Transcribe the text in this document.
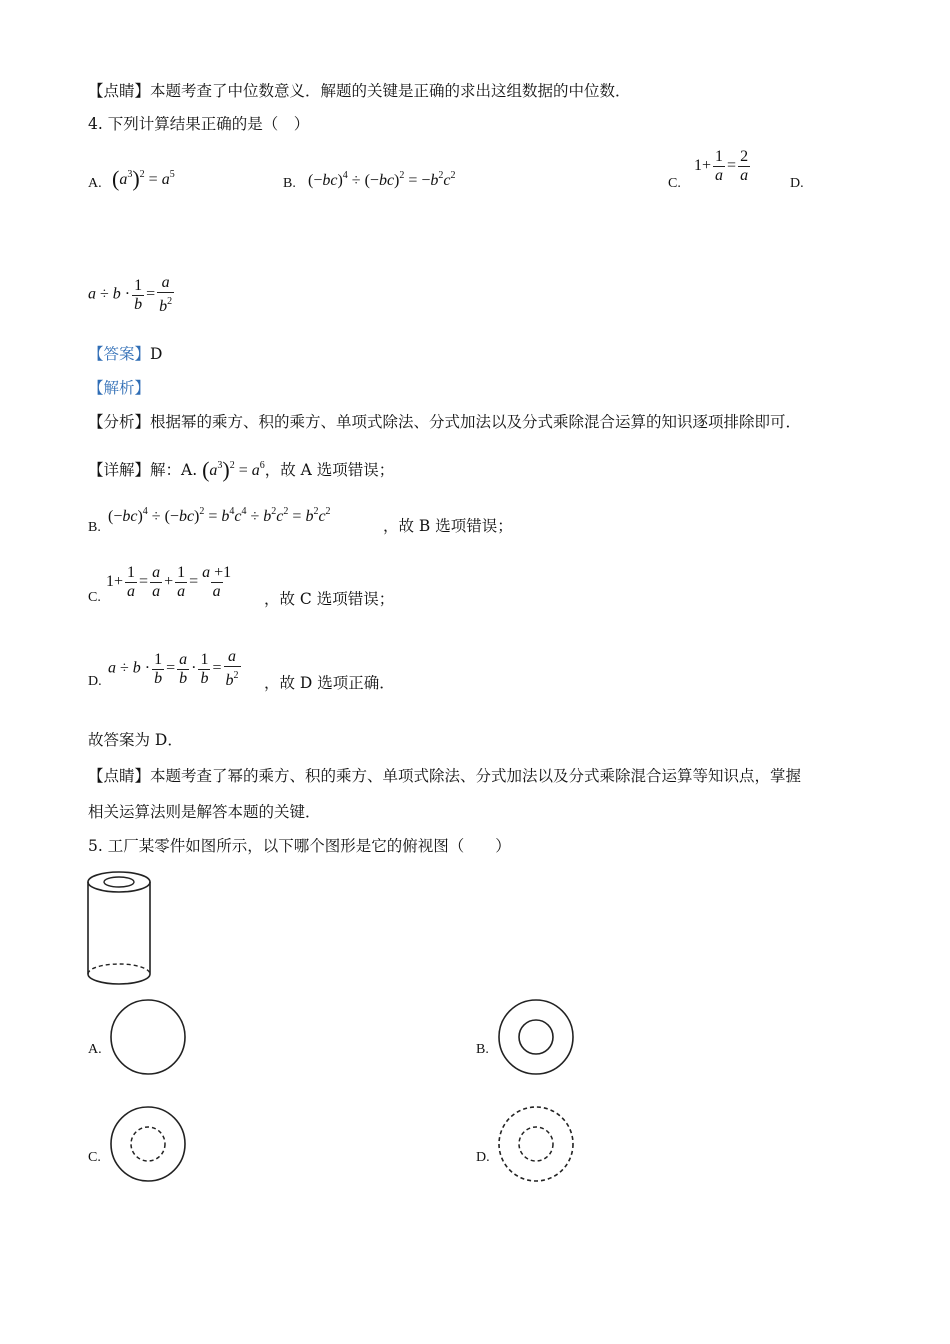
【点睛】本题考查了中位数意义．解题的关键是正确的求出这组数据的中位数．
4. 下列计算结果正确的是（　）
A. $(a^3)^2 = a^5$
B. $(-bc)^4 \div (-bc)^2 = -b^2c^2$
C.
$1+ \frac{1}{a} = \frac{2}{a}$	D.
$a \div b \cdot \frac{1}{b} = \frac{a}{b^2}$
【答案】D
【解析】
【分析】根据幂的乘方、积的乘方、单项式除法、分式加法以及分式乘除混合运算的知识逐项排除即可．
【详解】解：A. $(a^3)^2 = a^6$，故 A 选项错误；
B.
$(-bc)^4 \div (-bc)^2 = b^4c^4 \div b^2c^2 = b^2c^2$
，故 B 选项错误；
C.
$1+ \frac{1}{a} = \frac{a}{a} + \frac{1}{a} = \frac{a +1}{a}$ ，故 C 选项错误；
D.
$a \div b \cdot \frac{1}{b} = \frac{a}{b} \cdot \frac{1}{b} = \frac{a}{b^2}$ ，故 D 选项正确．
故答案为 D．
【点睛】本题考查了幂的乘方、积的乘方、单项式除法、分式加法以及分式乘除混合运算等知识点，掌握
相关运算法则是解答本题的关键．
5. 工厂某零件如图所示，以下哪个图形是它的俯视图（　　）
A.	B.
C.	D.
